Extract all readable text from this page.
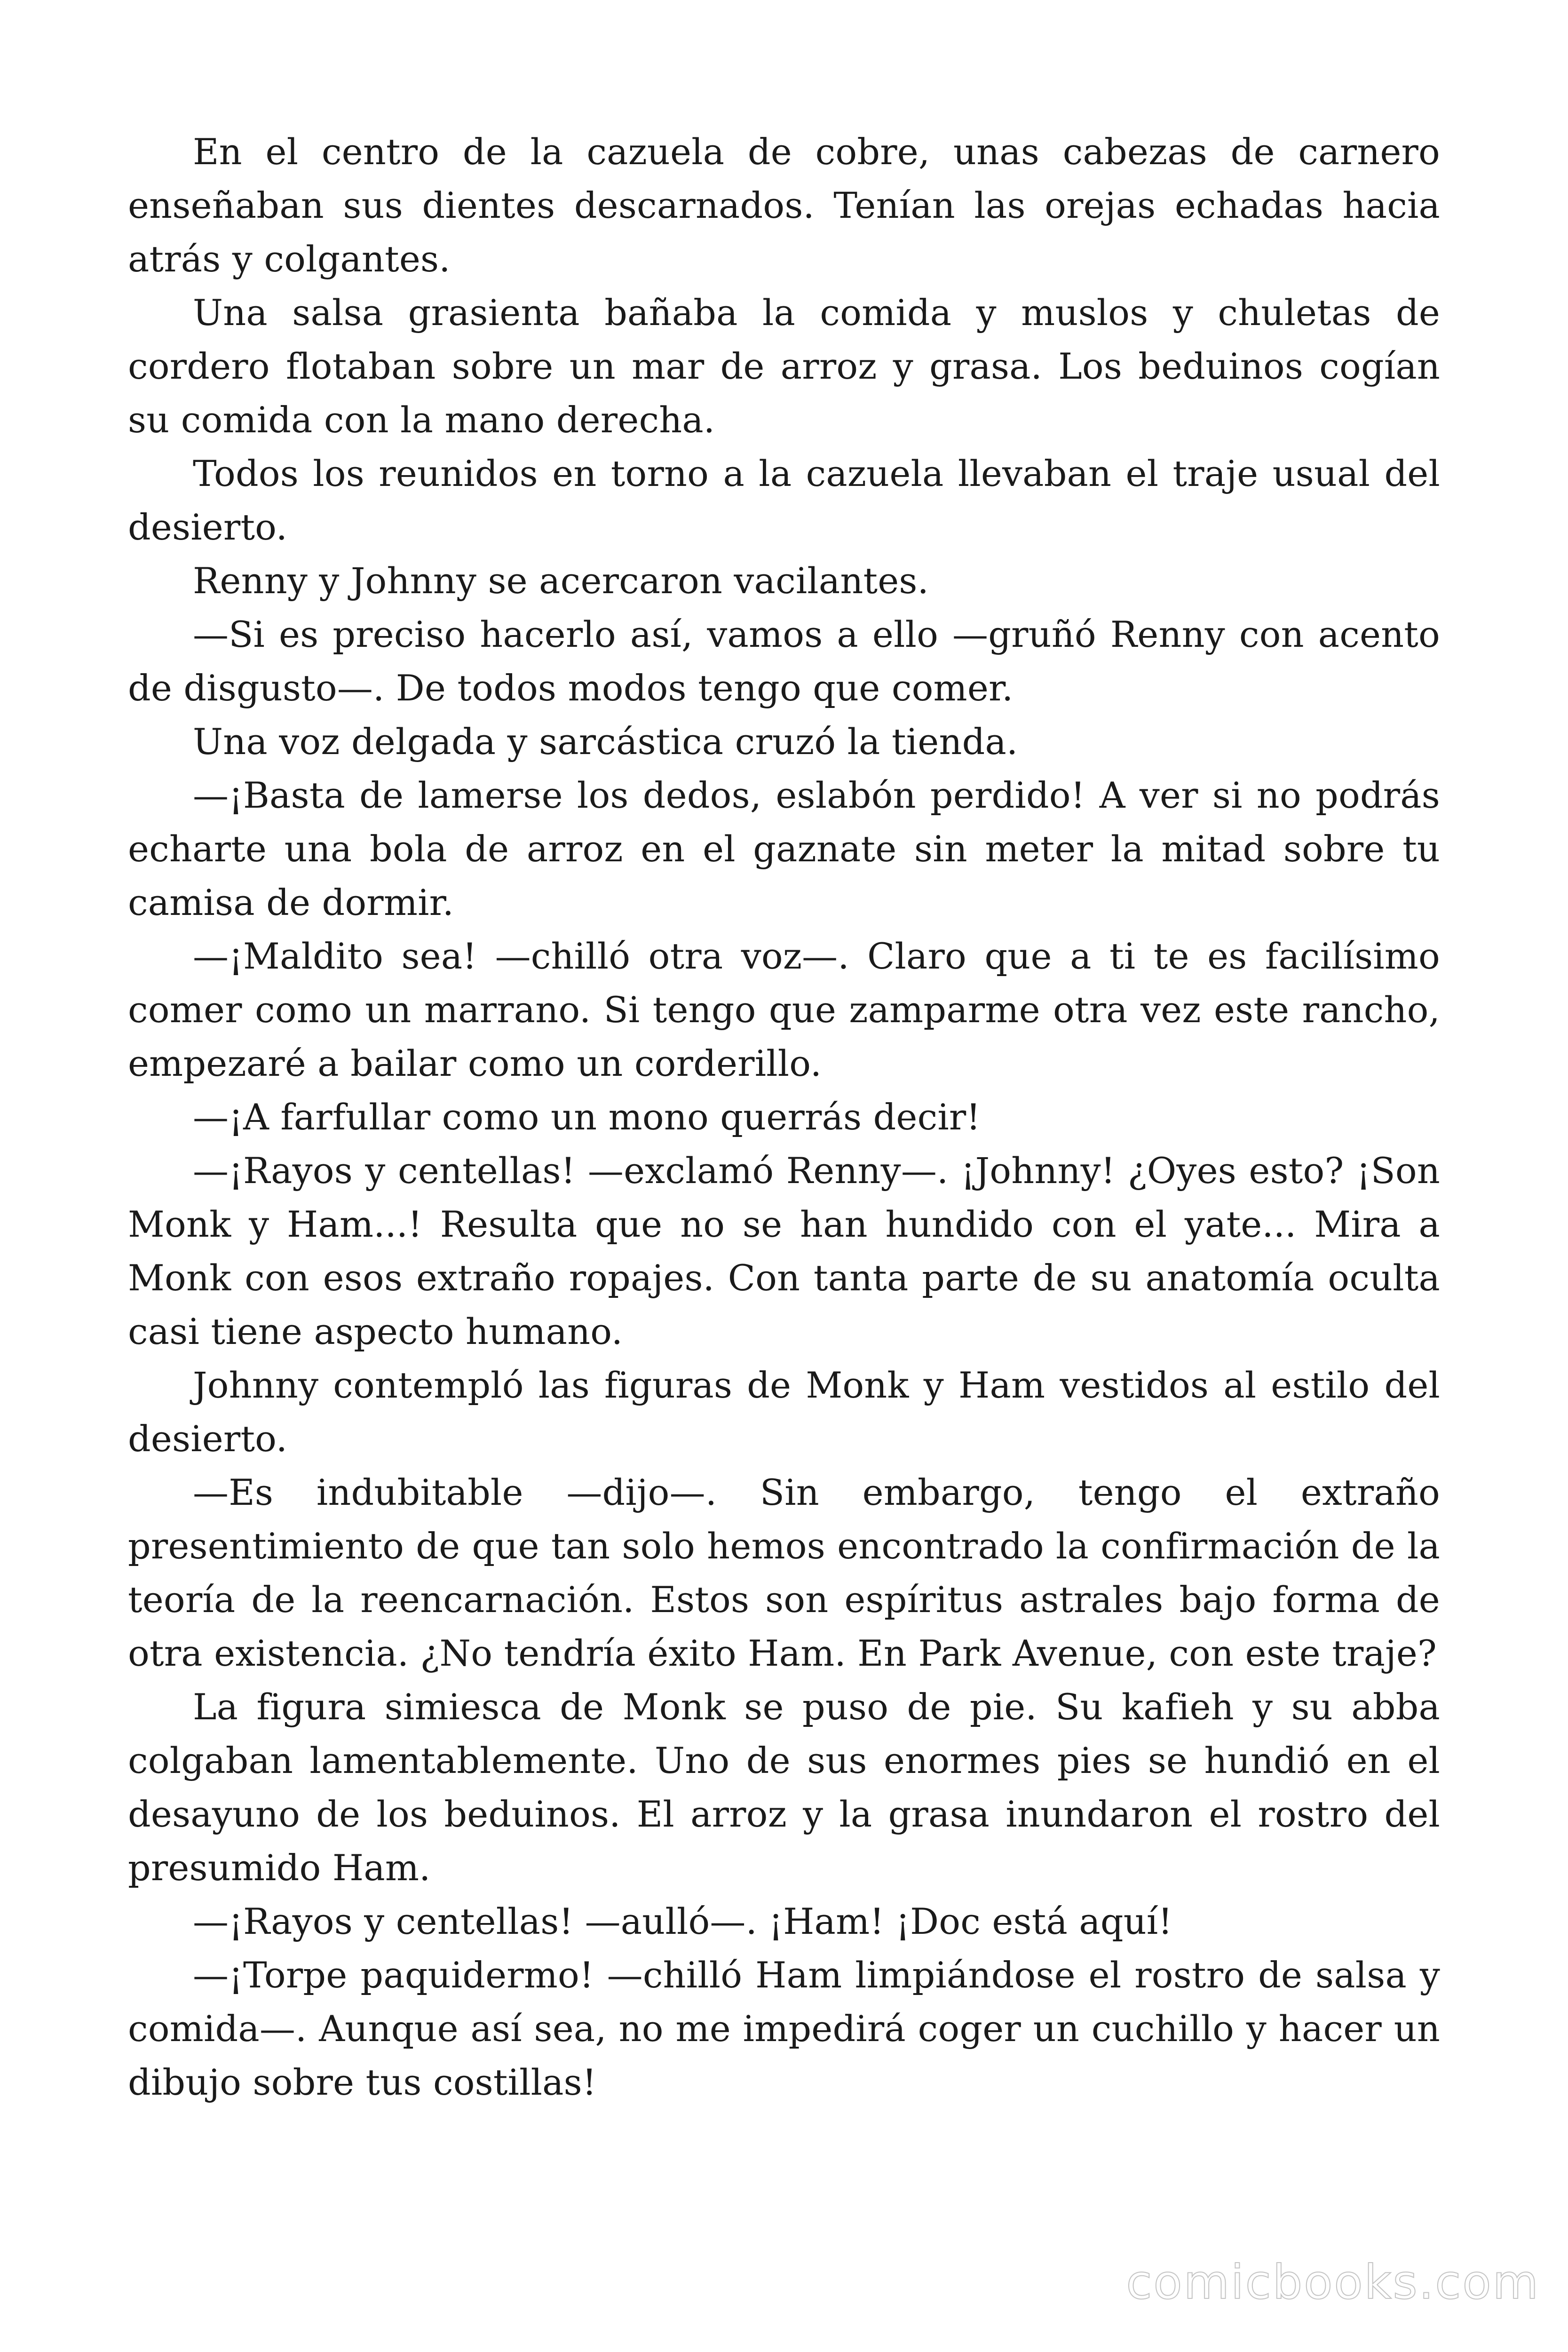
En el centro de la cazuela de cobre, unas cabezas de carnero enseñaban sus dientes descarnados. Tenían las orejas echadas hacia atrás y colgantes.

Una salsa grasienta bañaba la comida y muslos y chuletas de cordero flotaban sobre un mar de arroz y grasa. Los beduinos cogían su comida con la mano derecha.

Todos los reunidos en torno a la cazuela llevaban el traje usual del desierto.

Renny y Johnny se acercaron vacilantes.

—Si es preciso hacerlo así, vamos a ello —gruñó Renny con acento de disgusto—. De todos modos tengo que comer.

Una voz delgada y sarcástica cruzó la tienda.

—¡Basta de lamerse los dedos, eslabón perdido! A ver si no podrás echarte una bola de arroz en el gaznate sin meter la mitad sobre tu camisa de dormir.

—¡Maldito sea! —chilló otra voz—. Claro que a ti te es facilísimo comer como un marrano. Si tengo que zamparme otra vez este rancho, empezaré a bailar como un corderillo.

—¡A farfullar como un mono querrás decir!

—¡Rayos y centellas! —exclamó Renny—. ¡Johnny! ¿Oyes esto? ¡Son Monk y Ham...! Resulta que no se han hundido con el yate... Mira a Monk con esos extraño ropajes. Con tanta parte de su anatomía oculta casi tiene aspecto humano.

Johnny contempló las figuras de Monk y Ham vestidos al estilo del desierto.

—Es indubitable —dijo—. Sin embargo, tengo el extraño presentimiento de que tan solo hemos encontrado la confirmación de la teoría de la reencarnación. Estos son espíritus astrales bajo forma de otra existencia. ¿No tendría éxito Ham. En Park Avenue, con este traje?

La figura simiesca de Monk se puso de pie. Su kafieh y su abba colgaban lamentablemente. Uno de sus enormes pies se hundió en el desayuno de los beduinos. El arroz y la grasa inundaron el rostro del presumido Ham.

—¡Rayos y centellas! —aulló—. ¡Ham! ¡Doc está aquí!

—¡Torpe paquidermo! —chilló Ham limpiándose el rostro de salsa y comida—. Aunque así sea, no me impedirá coger un cuchillo y hacer un dibujo sobre tus costillas!

comicbooks.com
